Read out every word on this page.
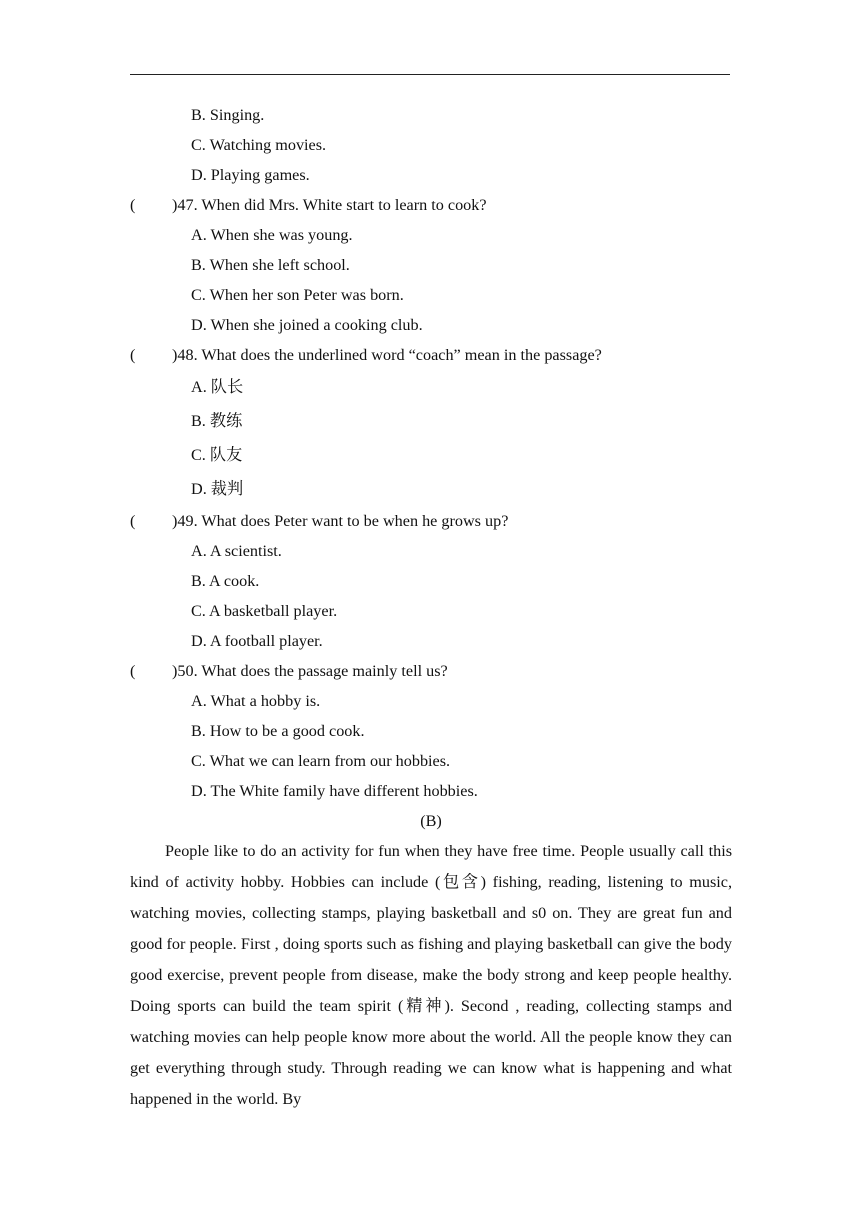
B. Singing.
C. Watching movies.
D. Playing games.
(	)47. When did Mrs. White start to learn to cook?
A. When she was young.
B. When she left school.
C. When her son Peter was born.
D. When she joined a cooking club.
(	)48. What does the underlined word “coach” mean in the passage?
A. 队长
B. 教练
C. 队友
D. 裁判
(	)49. What does Peter want to be when he grows up?
A. A scientist.
B. A cook.
C. A basketball player.
D. A football player.
(	)50. What does the passage mainly tell us?
A. What a hobby is.
B. How to be a good cook.
C. What we can learn from our hobbies.
D. The White family have different hobbies.
(B)

People like to do an activity for fun when they have free time. People usually call this kind of activity hobby. Hobbies can include (包含) fishing, reading, listening to music, watching movies, collecting stamps, playing basketball and s0 on. They are great fun and good for people. First , doing sports such as fishing and playing basketball can give the body good exercise, prevent people from disease, make the body strong and keep people healthy. Doing sports can build the team spirit (精神). Second , reading, collecting stamps and watching movies can help people know more about the world. All the people know they can get everything through study. Through reading we can know what is happening and what happened in the world. By
